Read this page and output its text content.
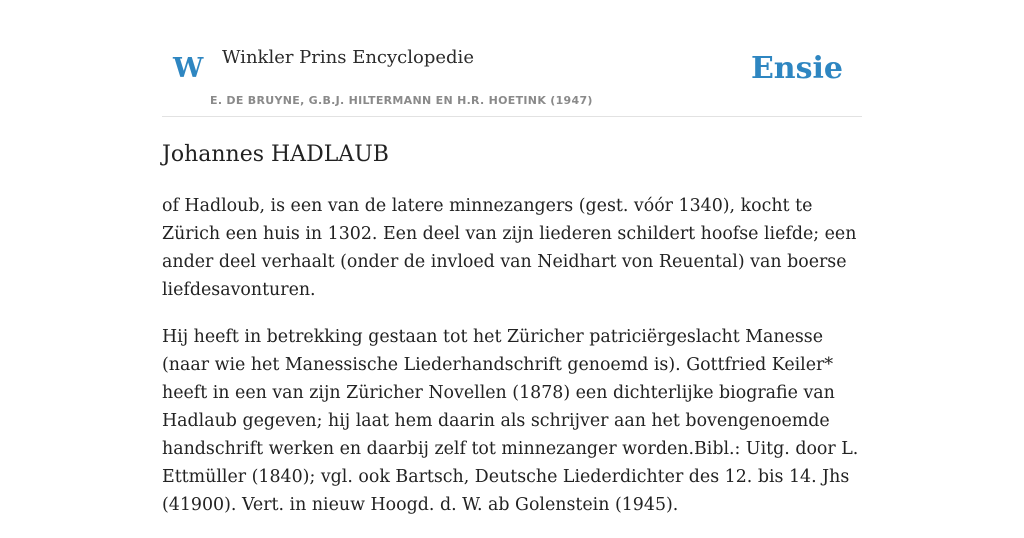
W Winkler Prins Encyclopedie
E. DE BRUYNE, G.B.J. HILTERMANN EN H.R. HOETINK (1947)
Ensie
Johannes HADLAUB

of Hadloub, is een van de latere minnezangers (gest. vóór 1340), kocht te Zürich een huis in 1302. Een deel van zijn liederen schildert hoofse liefde; een ander deel verhaalt (onder de invloed van Neidhart von Reuental) van boerse liefdesavonturen.

Hij heeft in betrekking gestaan tot het Züricher patriciërgeslacht Manesse (naar wie het Manessische Liederhandschrift genoemd is). Gottfried Keiler* heeft in een van zijn Züricher Novellen (1878) een dichterlijke biografie van Hadlaub gegeven; hij laat hem daarin als schrijver aan het bovengenoemde handschrift werken en daarbij zelf tot minnezanger worden.Bibl.: Uitg. door L. Ettmüller (1840); vgl. ook Bartsch, Deutsche Liederdichter des 12. bis 14. Jhs (41900). Vert. in nieuw Hoogd. d. W. ab Golenstein (1945).
